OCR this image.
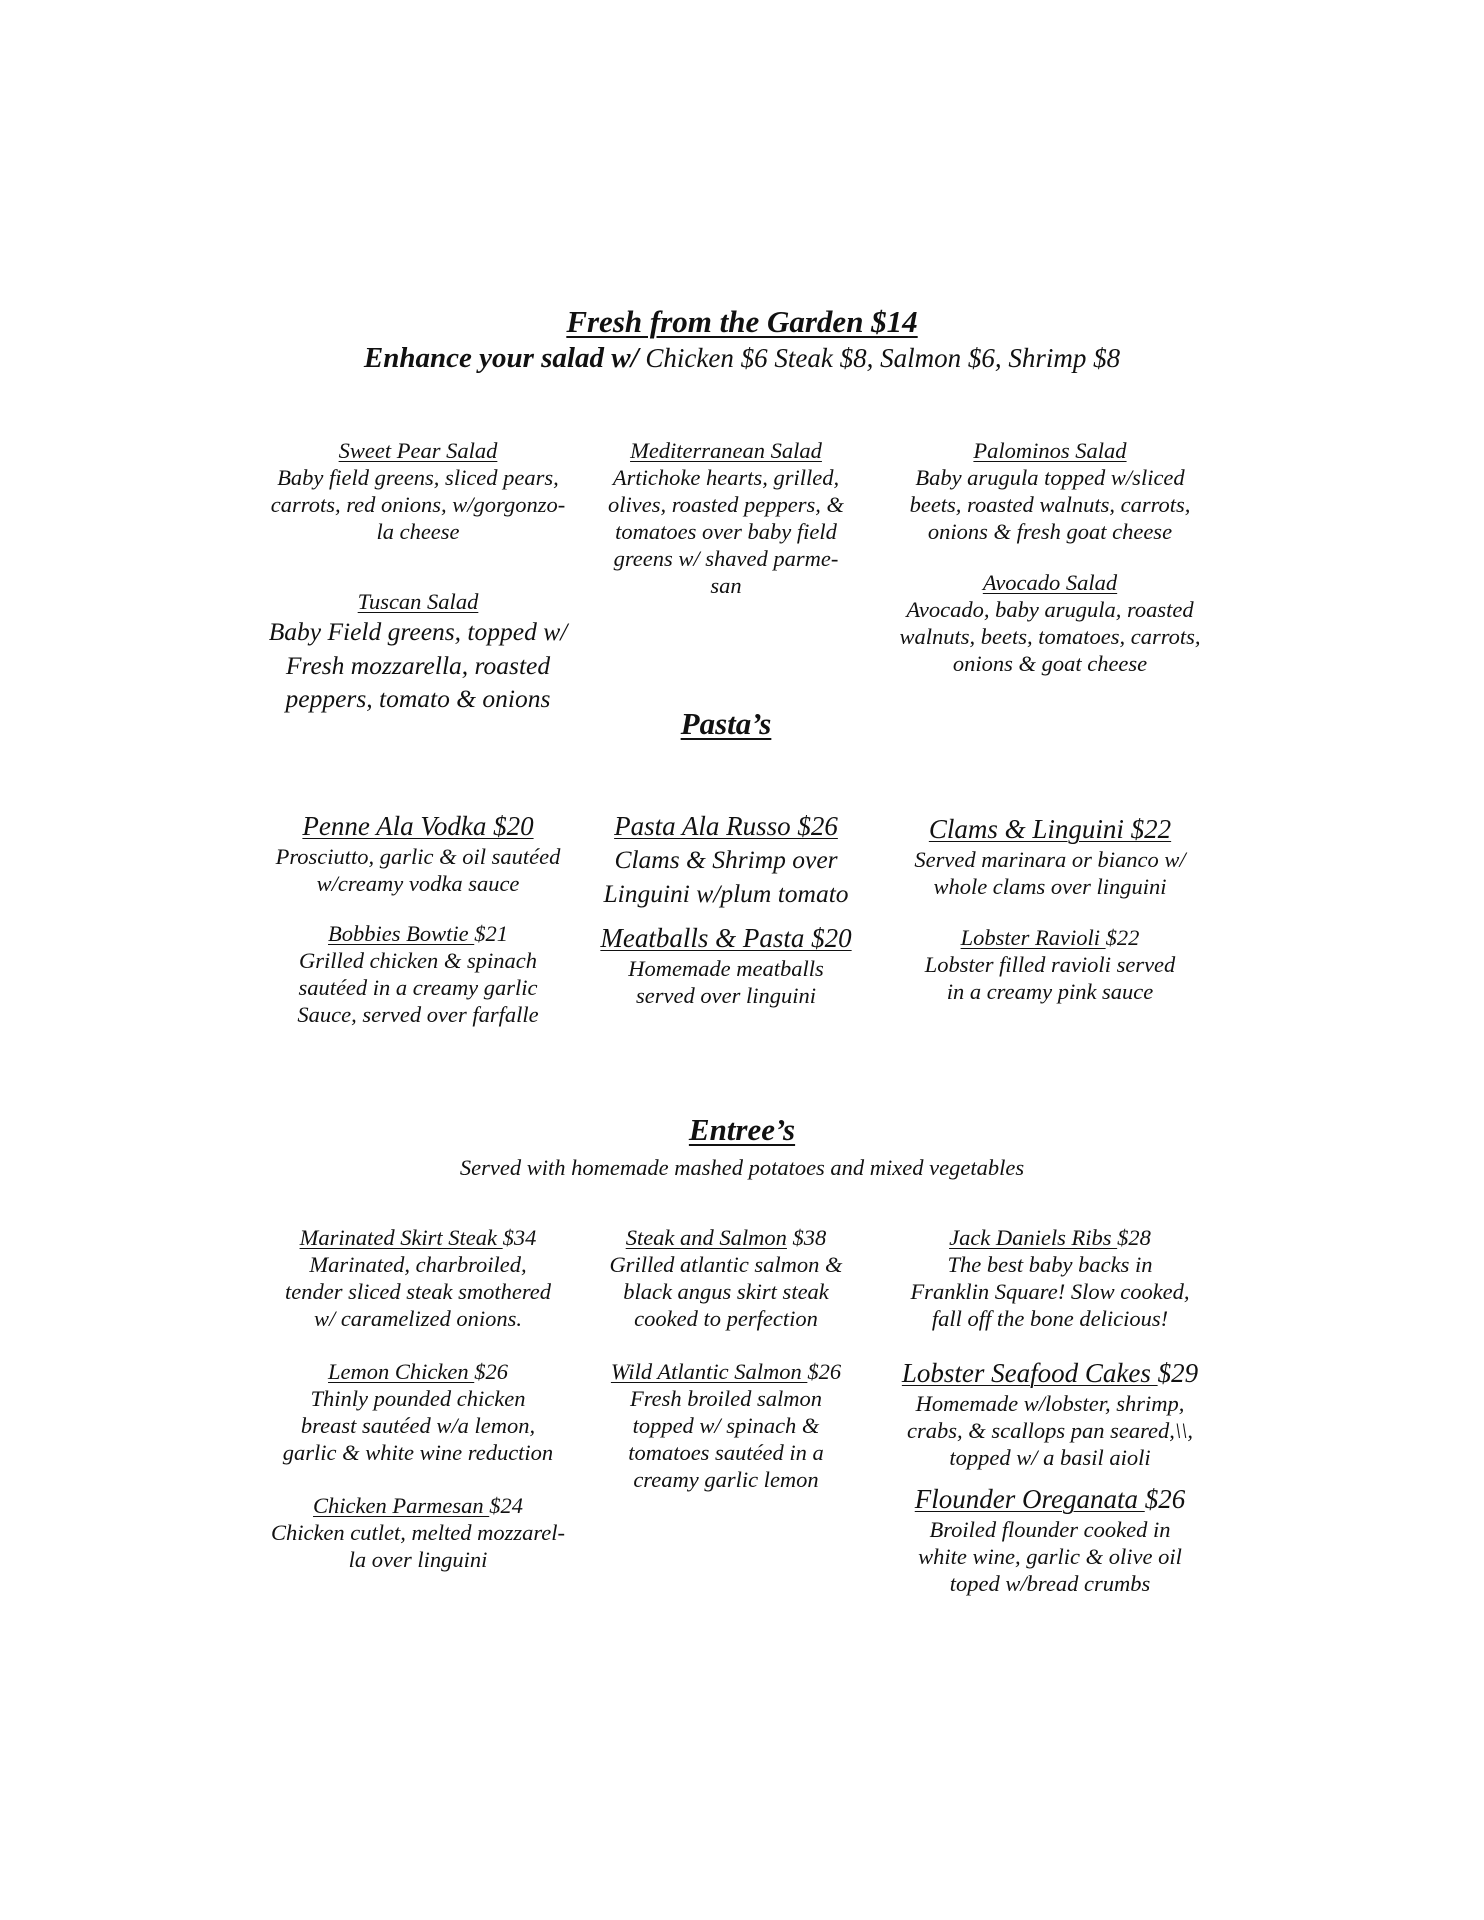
Fresh from the Garden $14
Enhance your salad w/ Chicken $6 Steak $8, Salmon $6, Shrimp $8
Sweet Pear Salad
Baby field greens, sliced pears,
carrots, red onions, w/gorgonzo-
la cheese
Mediterranean Salad
Artichoke hearts, grilled,
olives, roasted peppers, &
tomatoes over baby field
greens w/ shaved parme-
san
Palominos Salad
Baby arugula topped w/sliced
beets, roasted walnuts, carrots,
onions & fresh goat cheese
Tuscan Salad
Baby Field greens, topped w/
Fresh mozzarella, roasted
peppers, tomato & onions
Avocado Salad
Avocado, baby arugula, roasted
walnuts, beets, tomatoes, carrots,
onions & goat cheese
Pasta’s
Penne Ala Vodka $20
Prosciutto, garlic & oil sautéed
w/creamy vodka sauce
Pasta Ala Russo $26
Clams & Shrimp over
Linguini w/plum tomato
Clams & Linguini $22
Served marinara or bianco w/
whole clams over linguini
Bobbies Bowtie $21
Grilled chicken & spinach
sautéed in a creamy garlic
Sauce, served over farfalle
Meatballs & Pasta $20
Homemade meatballs
served over linguini
Lobster Ravioli $22
Lobster filled ravioli served
in a creamy pink sauce
Entree’s
Served with homemade mashed potatoes and mixed vegetables
Marinated Skirt Steak $34
Marinated, charbroiled,
tender sliced steak smothered
w/ caramelized onions.
Steak and Salmon $38
Grilled atlantic salmon &
black angus skirt steak
cooked to perfection
Jack Daniels Ribs $28
The best baby backs in
Franklin Square! Slow cooked,
fall off the bone delicious!
Lemon Chicken $26
Thinly pounded chicken
breast sautéed w/a lemon,
garlic & white wine reduction
Wild Atlantic Salmon $26
Fresh broiled salmon
topped w/ spinach &
tomatoes sautéed in a
creamy garlic lemon
Lobster Seafood Cakes $29
Homemade w/lobster, shrimp,
crabs, & scallops pan seared,\\,
topped w/ a basil aioli
Chicken Parmesan $24
Chicken cutlet, melted mozzarel-
la over linguini
Flounder Oreganata $26
Broiled flounder cooked in
white wine, garlic & olive oil
toped w/bread crumbs
